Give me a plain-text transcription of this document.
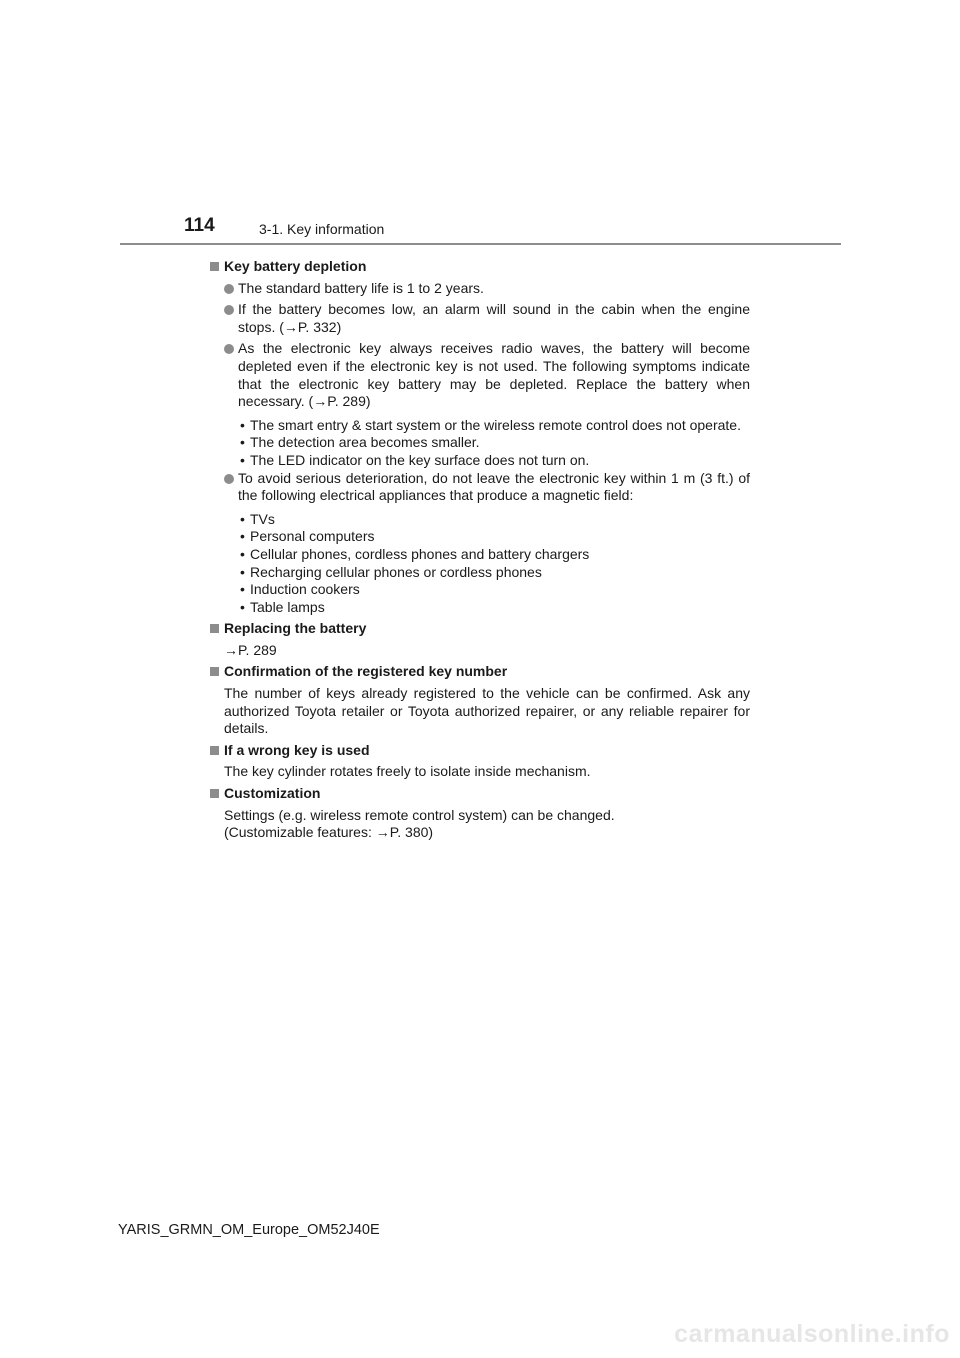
114	3-1. Key information
Key battery depletion
The standard battery life is 1 to 2 years.
If the battery becomes low, an alarm will sound in the cabin when the engine stops. (→P. 332)
As the electronic key always receives radio waves, the battery will become depleted even if the electronic key is not used. The following symptoms indicate that the electronic key battery may be depleted. Replace the battery when necessary. (→P. 289)
• The smart entry & start system or the wireless remote control does not operate.
• The detection area becomes smaller.
• The LED indicator on the key surface does not turn on.
To avoid serious deterioration, do not leave the electronic key within 1 m (3 ft.) of the following electrical appliances that produce a magnetic field:
• TVs
• Personal computers
• Cellular phones, cordless phones and battery chargers
• Recharging cellular phones or cordless phones
• Induction cookers
• Table lamps
Replacing the battery
→P. 289
Confirmation of the registered key number
The number of keys already registered to the vehicle can be confirmed. Ask any authorized Toyota retailer or Toyota authorized repairer, or any reliable repairer for details.
If a wrong key is used
The key cylinder rotates freely to isolate inside mechanism.
Customization
Settings (e.g. wireless remote control system) can be changed.
(Customizable features: →P. 380)
YARIS_GRMN_OM_Europe_OM52J40E
carmanualsonline.info
